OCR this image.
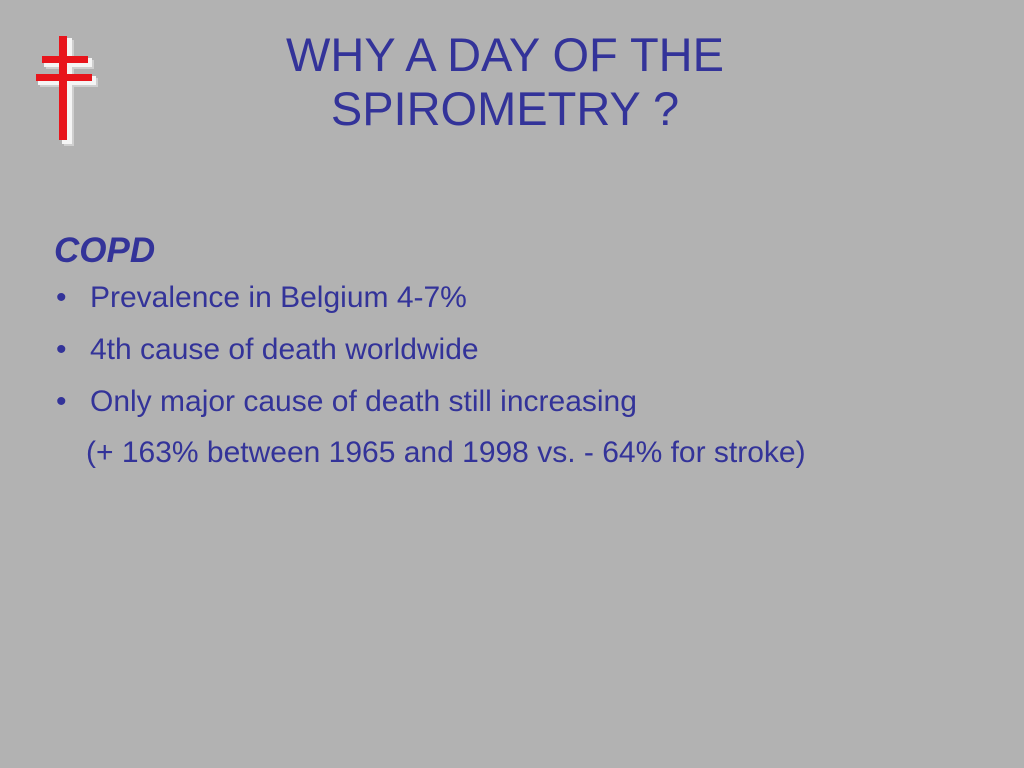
WHY A DAY OF THE
SPIROMETRY ?
COPD
• Prevalence in Belgium 4-7%
• 4th cause of death worldwide
• Only major cause of death still increasing
(+ 163% between 1965 and 1998 vs. - 64% for stroke)
